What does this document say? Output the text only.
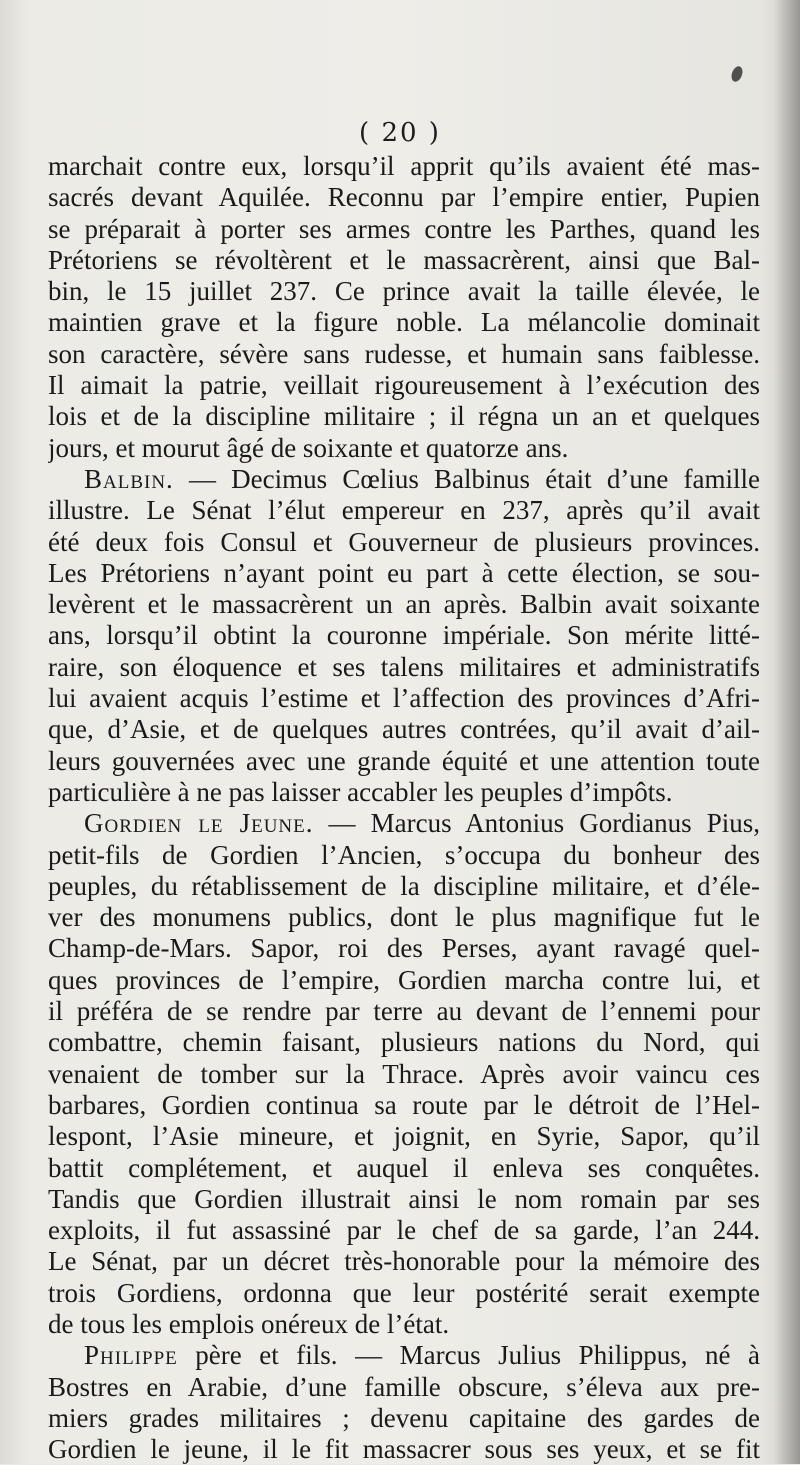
( 20 )
marchait contre eux, lorsqu’il apprit qu’ils avaient été mas-
sacrés devant Aquilée. Reconnu par l’empire entier, Pupien
se préparait à porter ses armes contre les Parthes, quand les
Prétoriens se révoltèrent et le massacrèrent, ainsi que Bal-
bin, le 15 juillet 237. Ce prince avait la taille élevée, le
maintien grave et la figure noble. La mélancolie dominait
son caractère, sévère sans rudesse, et humain sans faiblesse.
Il aimait la patrie, veillait rigoureusement à l’exécution des
lois et de la discipline militaire ; il régna un an et quelques
jours, et mourut âgé de soixante et quatorze ans.
Balbin. — Decimus Cœlius Balbinus était d’une famille
illustre. Le Sénat l’élut empereur en 237, après qu’il avait
été deux fois Consul et Gouverneur de plusieurs provinces.
Les Prétoriens n’ayant point eu part à cette élection, se sou-
levèrent et le massacrèrent un an après. Balbin avait soixante
ans, lorsqu’il obtint la couronne impériale. Son mérite litté-
raire, son éloquence et ses talens militaires et administratifs
lui avaient acquis l’estime et l’affection des provinces d’Afri-
que, d’Asie, et de quelques autres contrées, qu’il avait d’ail-
leurs gouvernées avec une grande équité et une attention toute
particulière à ne pas laisser accabler les peuples d’impôts.
Gordien le Jeune. — Marcus Antonius Gordianus Pius,
petit-fils de Gordien l’Ancien, s’occupa du bonheur des
peuples, du rétablissement de la discipline militaire, et d’éle-
ver des monumens publics, dont le plus magnifique fut le
Champ-de-Mars. Sapor, roi des Perses, ayant ravagé quel-
ques provinces de l’empire, Gordien marcha contre lui, et
il préféra de se rendre par terre au devant de l’ennemi pour
combattre, chemin faisant, plusieurs nations du Nord, qui
venaient de tomber sur la Thrace. Après avoir vaincu ces
barbares, Gordien continua sa route par le détroit de l’Hel-
lespont, l’Asie mineure, et joignit, en Syrie, Sapor, qu’il
battit complétement, et auquel il enleva ses conquêtes.
Tandis que Gordien illustrait ainsi le nom romain par ses
exploits, il fut assassiné par le chef de sa garde, l’an 244.
Le Sénat, par un décret très-honorable pour la mémoire des
trois Gordiens, ordonna que leur postérité serait exempte
de tous les emplois onéreux de l’état.
Philippe père et fils. — Marcus Julius Philippus, né à
Bostres en Arabie, d’une famille obscure, s’éleva aux pre-
miers grades militaires ; devenu capitaine des gardes de
Gordien le jeune, il le fit massacrer sous ses yeux, et se fit
